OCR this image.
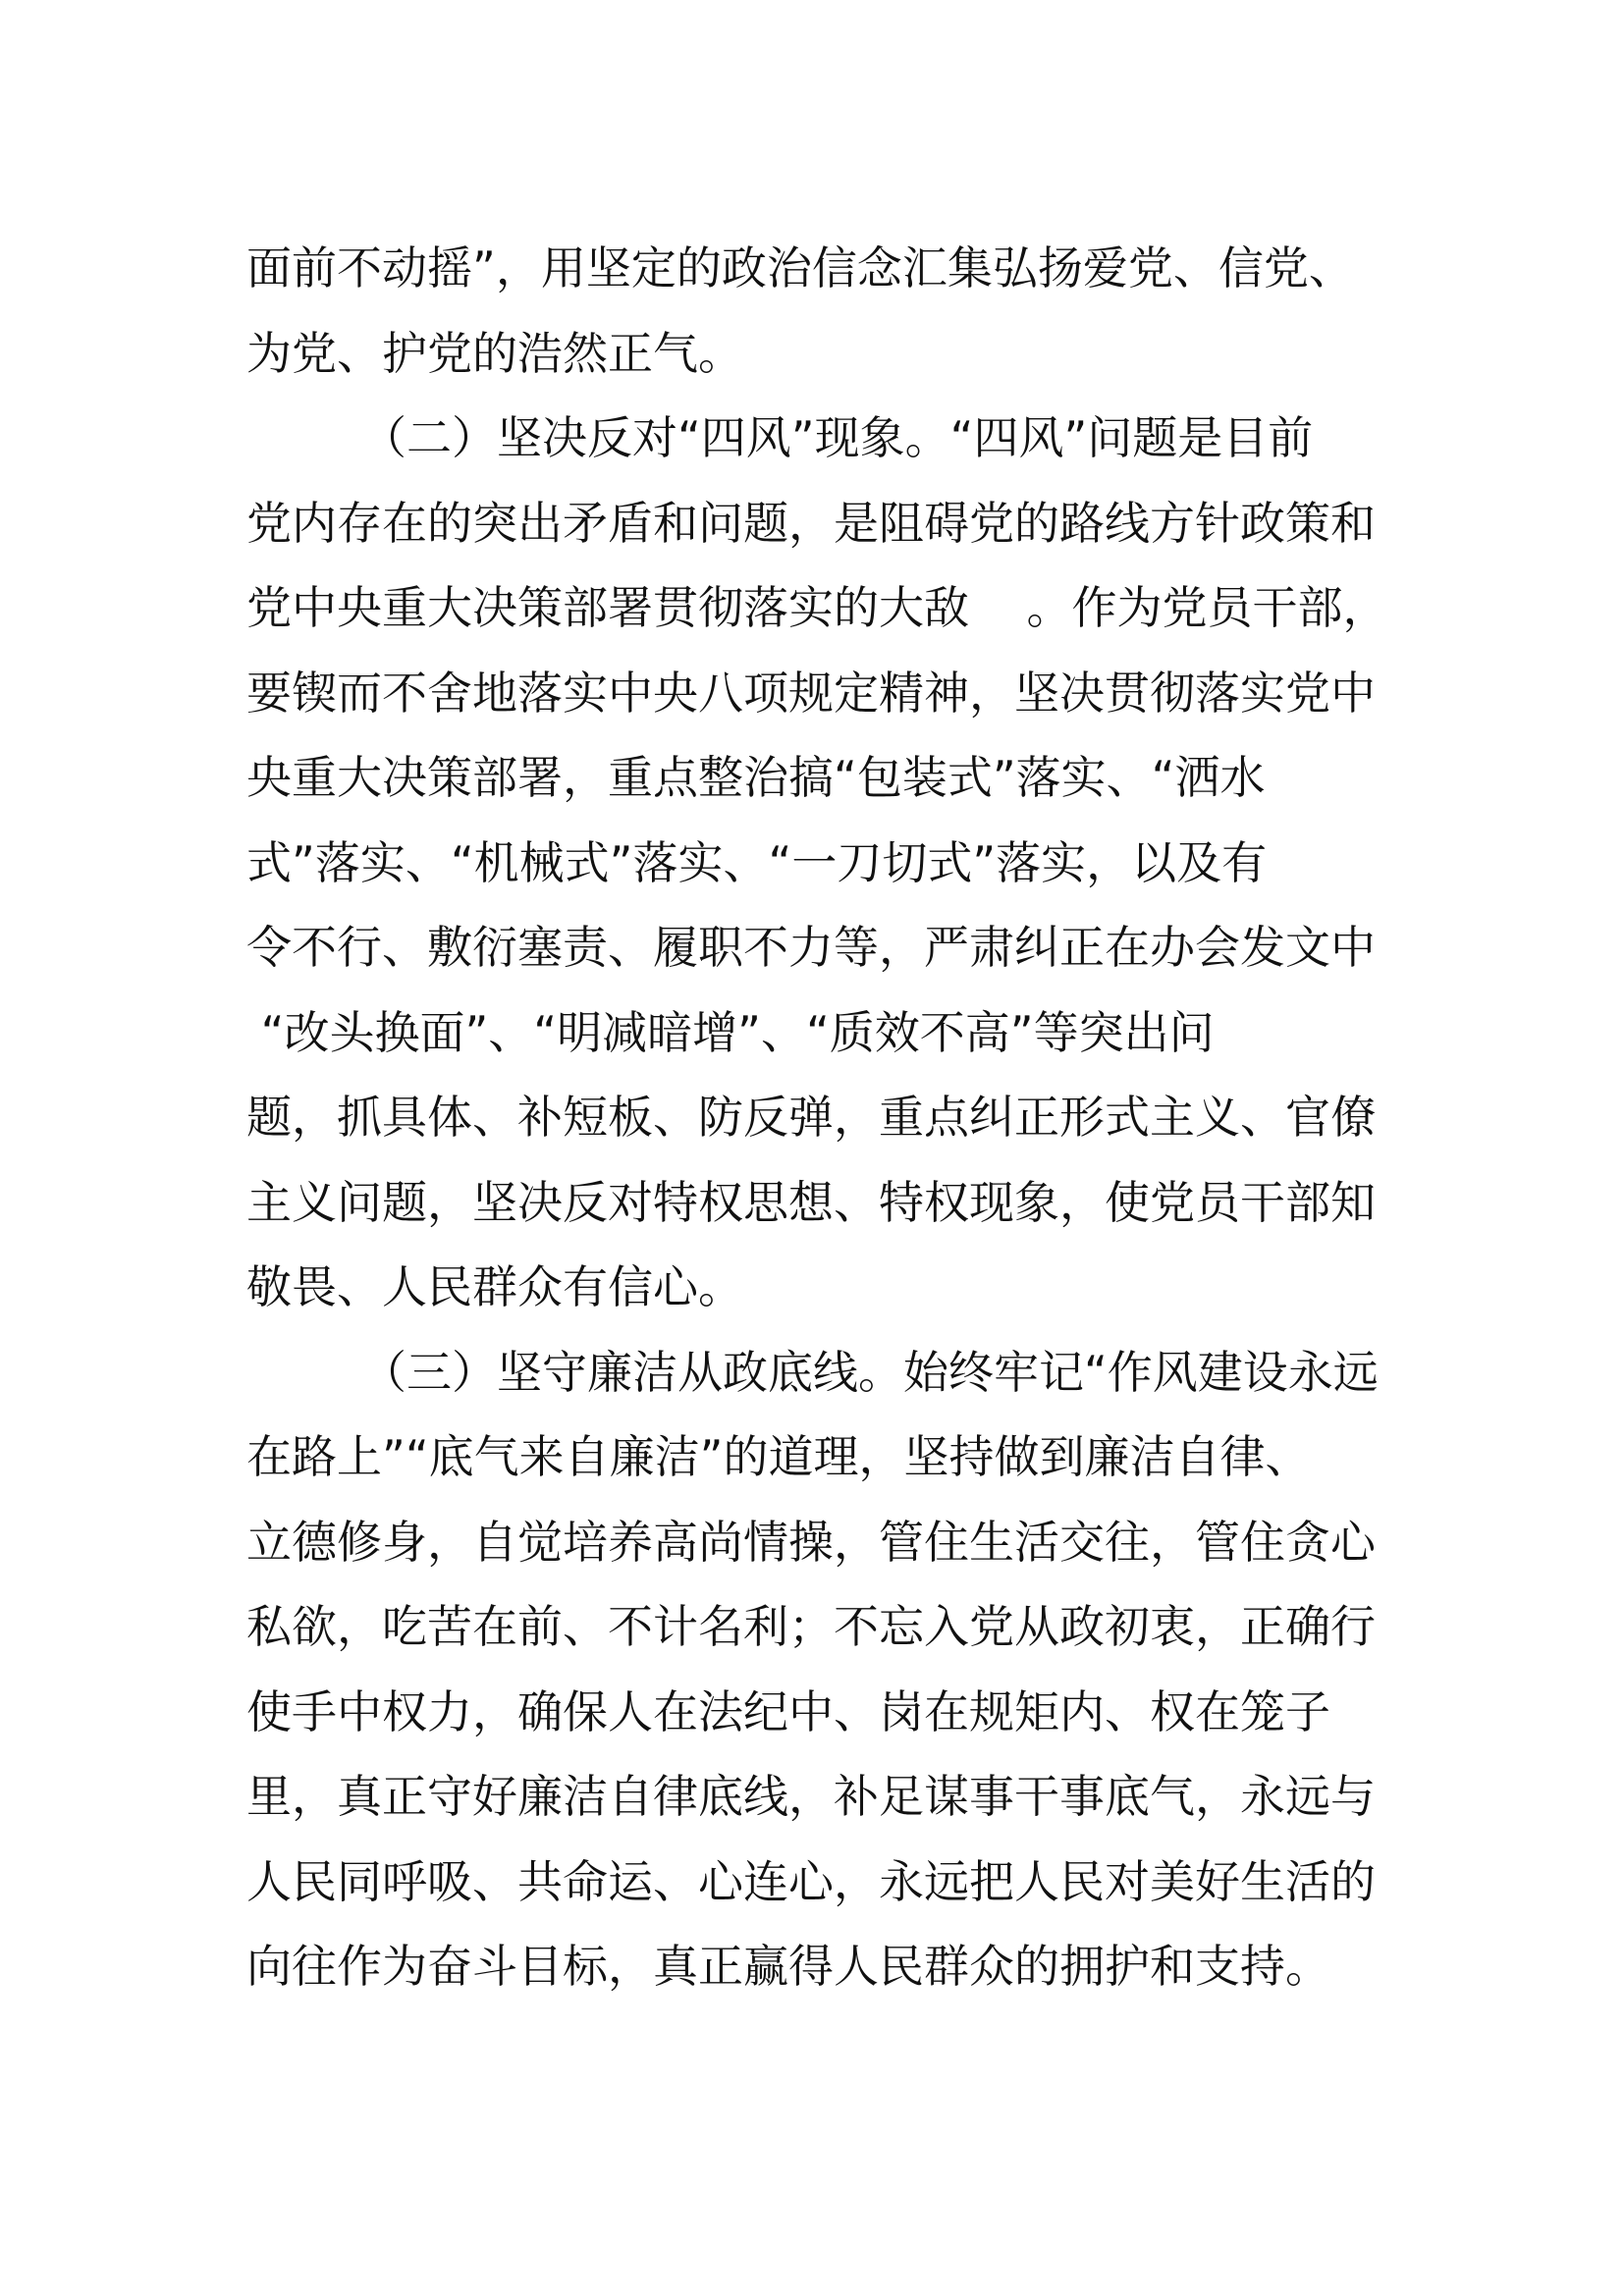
面前不动摇”，用坚定的政治信念汇集弘扬爱党、信党、
为党、护党的浩然正气。
（二）坚决反对“四风”现象。“四风”问题是目前
党内存在的突出矛盾和问题，是阻碍党的路线方针政策和
党中央重大决策部署贯彻落实的大敌    。作为党员干部，
要锲而不舍地落实中央八项规定精神，坚决贯彻落实党中
央重大决策部署，重点整治搞“包装式”落实、“洒水
式”落实、“机械式”落实、“一刀切式”落实，以及有
令不行、敷衍塞责、履职不力等，严肃纠正在办会发文中
“改头换面”、“明减暗增”、“质效不高”等突出问
题，抓具体、补短板、防反弹，重点纠正形式主义、官僚
主义问题，坚决反对特权思想、特权现象，使党员干部知
敬畏、人民群众有信心。
（三）坚守廉洁从政底线。始终牢记“作风建设永远
在路上”“底气来自廉洁”的道理，坚持做到廉洁自律、
立德修身，自觉培养高尚情操，管住生活交往，管住贪心
私欲，吃苦在前、不计名利；不忘入党从政初衷，正确行
使手中权力，确保人在法纪中、岗在规矩内、权在笼子
里，真正守好廉洁自律底线，补足谋事干事底气，永远与
人民同呼吸、共命运、心连心，永远把人民对美好生活的
向往作为奋斗目标，真正赢得人民群众的拥护和支持。
